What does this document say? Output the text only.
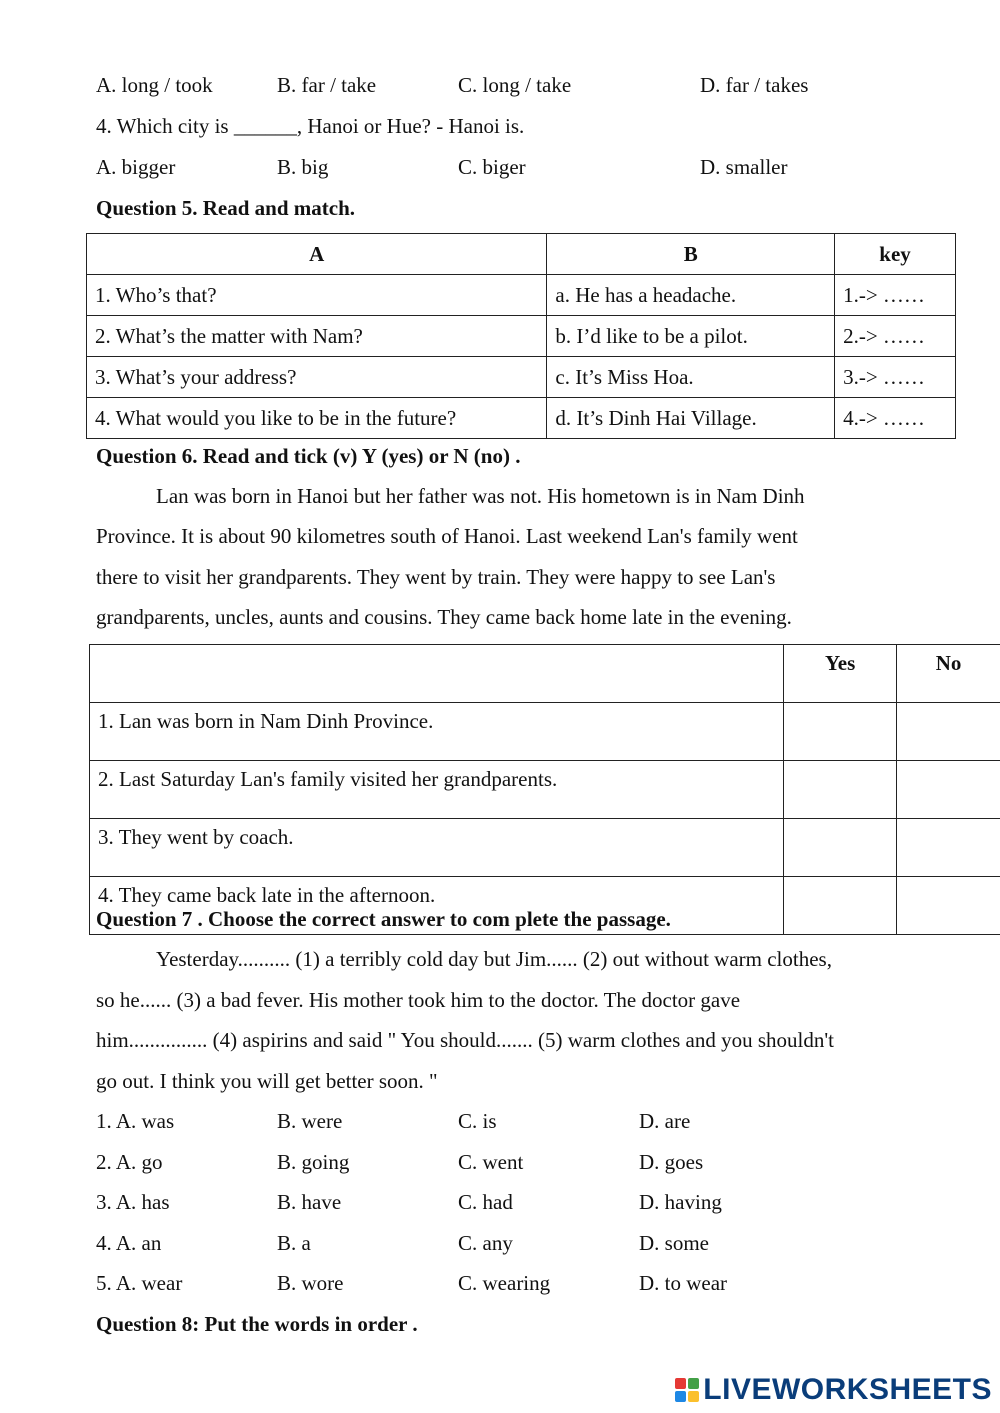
A. long / took	B. far / take	C. long / take	D. far / takes
4. Which city is ______, Hanoi or Hue? - Hanoi is.
A. bigger	B. big	C. biger	D. smaller
Question 5. Read and match.
A	B	key
1. Who’s that?	a. He has a headache.	1.-> ……
2. What’s the matter with Nam?	b. I’d like to be a pilot.	2.-> ……
3. What’s your address?	c. It’s Miss Hoa.	3.-> ……
4. What would you like to be in the future?	d. It’s Dinh Hai Village.	4.-> ……
Question 6. Read and tick (v) Y (yes) or N (no) .
Lan was born in Hanoi but her father was not. His hometown is in Nam Dinh
Province. It is about 90 kilometres south of Hanoi. Last weekend Lan's family went
there to visit her grandparents. They went by train. They were happy to see Lan's
grandparents, uncles, aunts and cousins. They came back home late in the evening.
	Yes	No
1. Lan was born in Nam Dinh Province.		
2. Last Saturday Lan's family visited her grandparents.		
3. They went by coach.		
4. They came back late in the afternoon.		
Question 7 . Choose the correct answer to com plete the passage.
Yesterday.......... (1) a terribly cold day but Jim...... (2) out without warm clothes,
so he...... (3) a bad fever. His mother took him to the doctor. The doctor gave
him............... (4) aspirins and said " You should....... (5) warm clothes and you shouldn't
go out. I think you will get better soon. "
1. A. was	B. were	C. is	D. are
2. A. go	B. going	C. went	D. goes
3. A. has	B. have	C. had	D. having
4. A. an	B. a	C. any	D. some
5. A. wear	B. wore	C. wearing	D. to wear
Question 8: Put the words in order .
LIVEWORKSHEETS
